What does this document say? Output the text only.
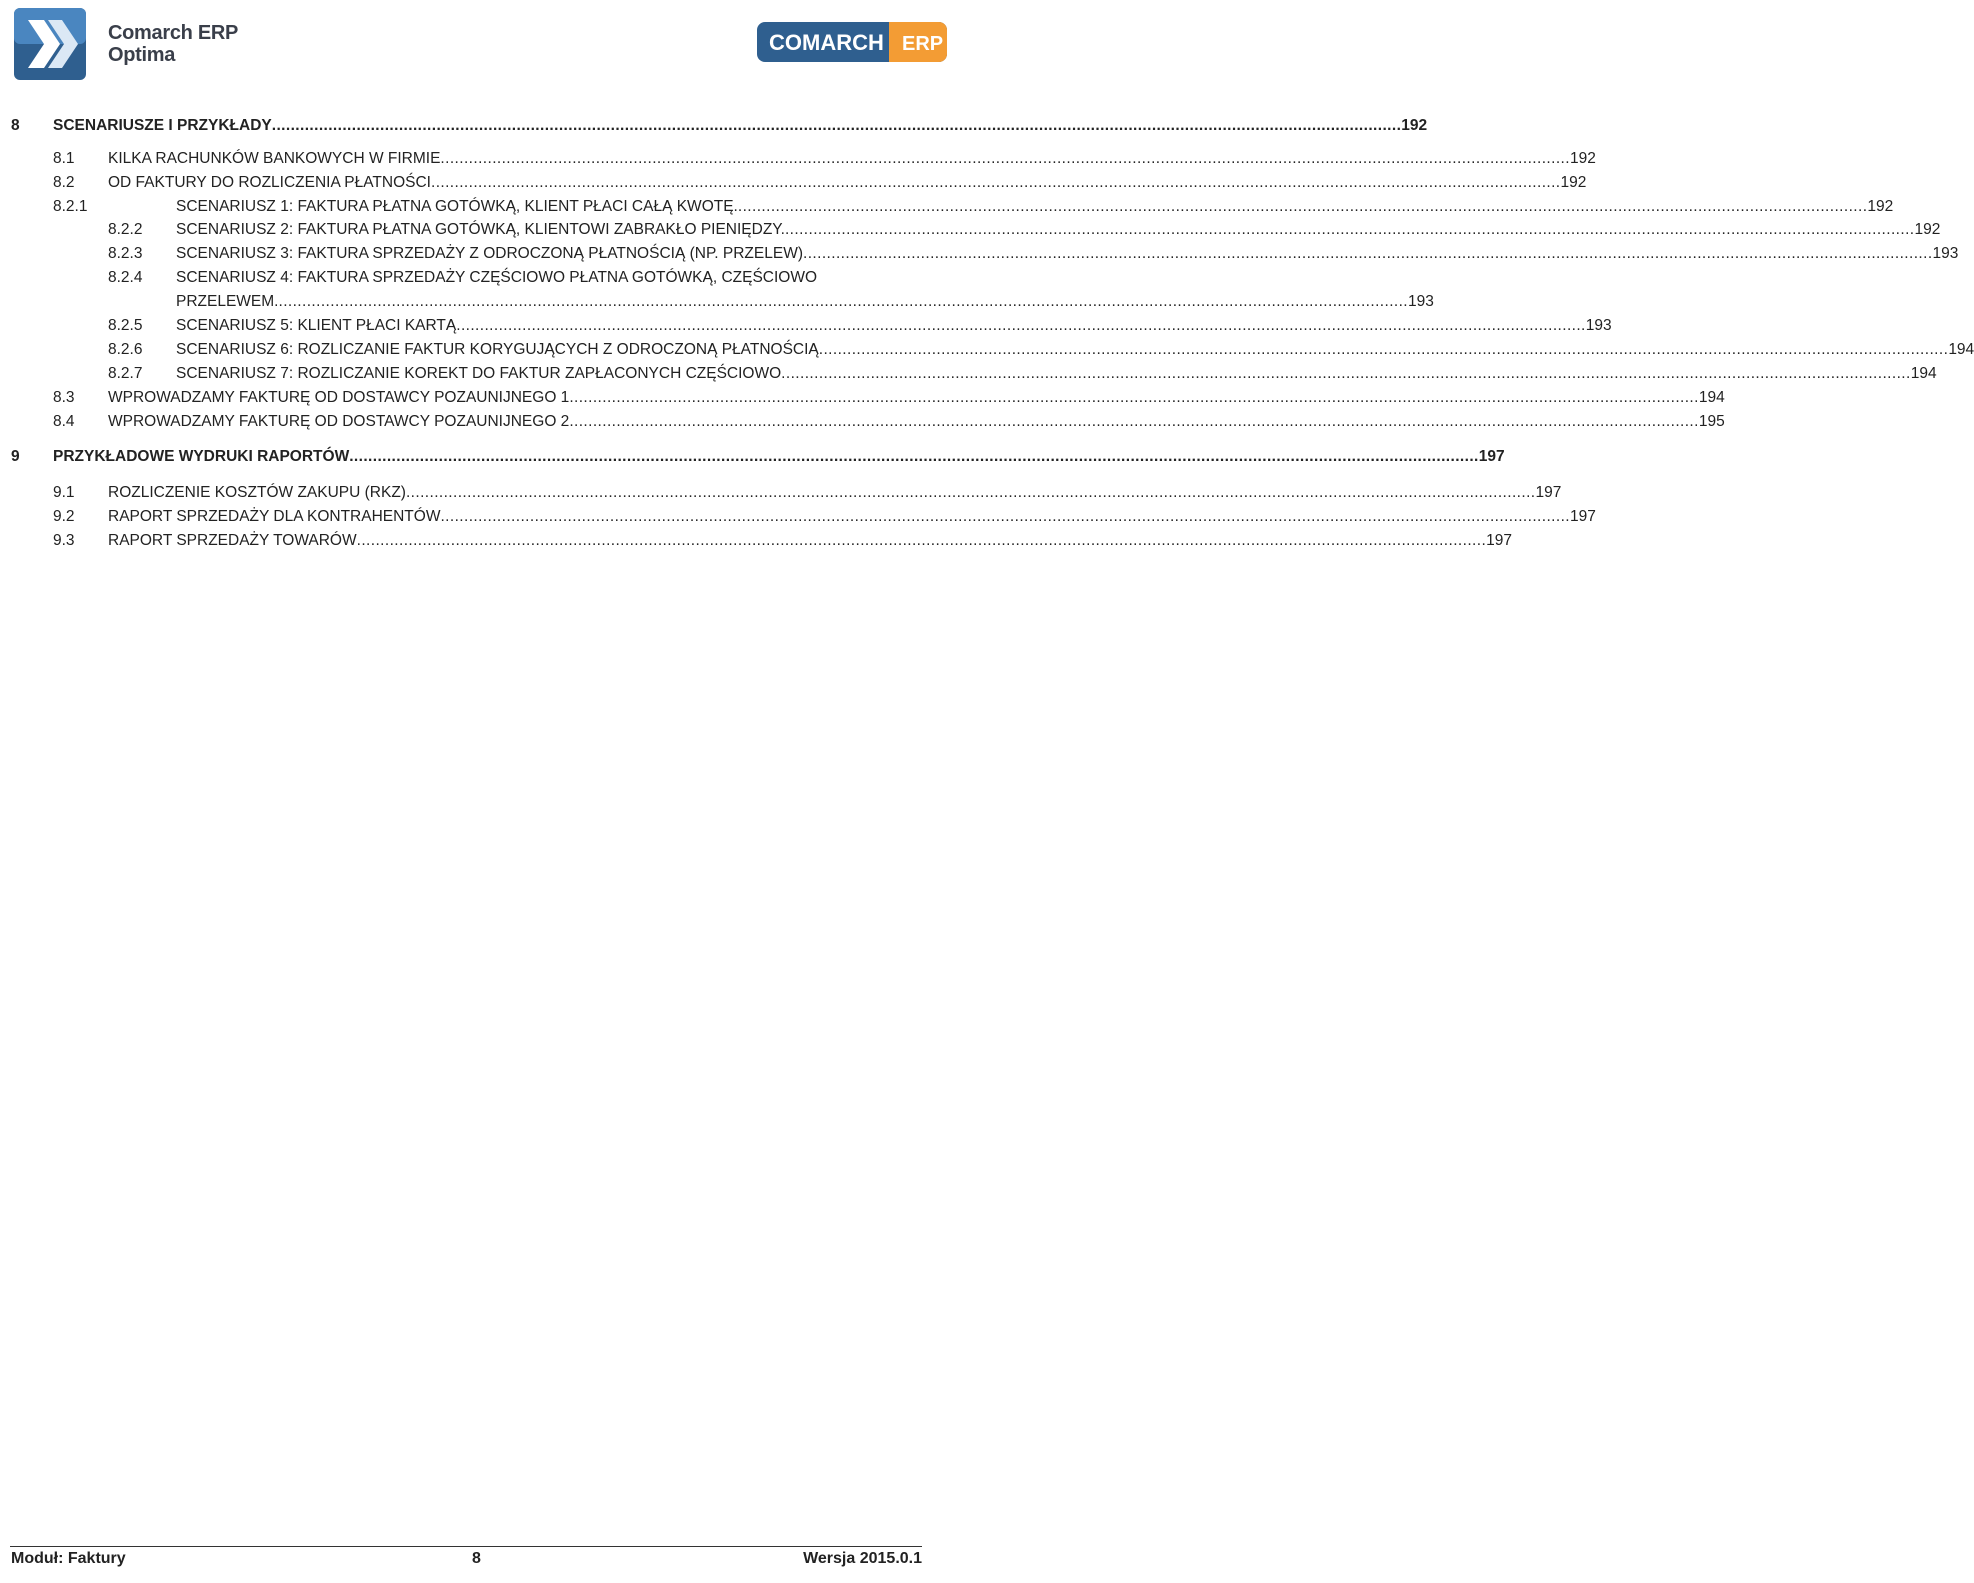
Comarch ERP
Optima	COMARCH ERP
8 SCENARIUSZE I PRZYKŁADY .....	192
8.1 KILKA RACHUNKÓW BANKOWYCH W FIRMIE .....	192
8.2 OD FAKTURY DO ROZLICZENIA PŁATNOŚCI .....	192
8.2.1	SCENARIUSZ 1: FAKTURA PŁATNA GOTÓWKĄ, KLIENT PŁACI CAŁĄ KWOTĘ. .....	192
8.2.2 SCENARIUSZ 2: FAKTURA PŁATNA GOTÓWKĄ, KLIENTOWI ZABRAKŁO PIENIĘDZY. .....	192
8.2.3 SCENARIUSZ 3: FAKTURA SPRZEDAŻY Z ODROCZONĄ PŁATNOŚCIĄ (NP. PRZELEW) .....	193
8.2.4 SCENARIUSZ 4: FAKTURA SPRZEDAŻY CZĘŚCIOWO PŁATNA GOTÓWKĄ, CZĘŚCIOWO
PRZELEWEM. .....	193
8.2.5 SCENARIUSZ 5: KLIENT PŁACI KARTĄ .....	193
8.2.6 SCENARIUSZ 6: ROZLICZANIE FAKTUR KORYGUJĄCYCH Z ODROCZONĄ PŁATNOŚCIĄ .....	194
8.2.7 SCENARIUSZ 7: ROZLICZANIE KOREKT DO FAKTUR ZAPŁACONYCH CZĘŚCIOWO .....	194
8.3 WPROWADZAMY FAKTURĘ OD DOSTAWCY POZAUNIJNEGO 1 .....	194
8.4 WPROWADZAMY FAKTURĘ OD DOSTAWCY POZAUNIJNEGO 2 .....	195
9 PRZYKŁADOWE WYDRUKI RAPORTÓW .....	197
9.1 ROZLICZENIE KOSZTÓW ZAKUPU (RKZ) .....	197
9.2 RAPORT SPRZEDAŻY DLA KONTRAHENTÓW .....	197
9.3 RAPORT SPRZEDAŻY TOWARÓW .....	197
Moduł: Faktury	8	Wersja 2015.0.1
